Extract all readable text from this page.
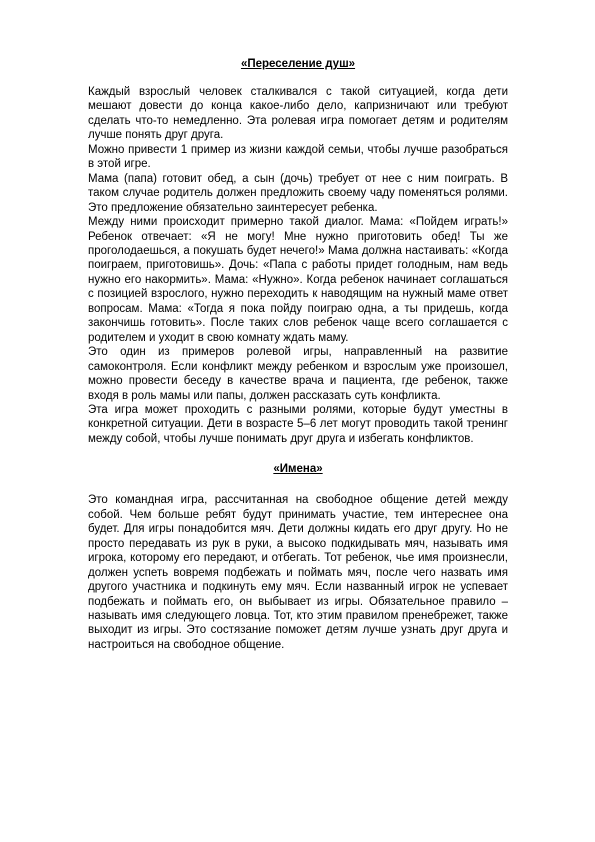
«Переселение душ»

Каждый взрослый человек сталкивался с такой ситуацией, когда дети мешают довести до конца какое-либо дело, капризничают или требуют сделать что-то немедленно. Эта ролевая игра помогает детям и родителям лучше понять друг друга.

Можно привести 1 пример из жизни каждой семьи, чтобы лучше разобраться в этой игре.

Мама (папа) готовит обед, а сын (дочь) требует от нее с ним поиграть. В таком случае родитель должен предложить своему чаду поменяться ролями. Это предложение обязательно заинтересует ребенка.

Между ними происходит примерно такой диалог. Мама: «Пойдем играть!» Ребенок отвечает: «Я не могу! Мне нужно приготовить обед! Ты же проголодаешься, а покушать будет нечего!» Мама должна настаивать: «Когда поиграем, приготовишь». Дочь: «Папа с работы придет голодным, нам ведь нужно его накормить». Мама: «Нужно». Когда ребенок начинает соглашаться с позицией взрослого, нужно переходить к наводящим на нужный маме ответ вопросам. Мама: «Тогда я пока пойду поиграю одна, а ты придешь, когда закончишь готовить». После таких слов ребенок чаще всего соглашается с родителем и уходит в свою комнату ждать маму.

Это один из примеров ролевой игры, направленный на развитие самоконтроля. Если конфликт между ребенком и взрослым уже произошел, можно провести беседу в качестве врача и пациента, где ребенок, также входя в роль мамы или папы, должен рассказать суть конфликта.

Эта игра может проходить с разными ролями, которые будут уместны в конкретной ситуации. Дети в возрасте 5–6 лет могут проводить такой тренинг между собой, чтобы лучше понимать друг друга и избегать конфликтов.

«Имена»

Это командная игра, рассчитанная на свободное общение детей между собой. Чем больше ребят будут принимать участие, тем интереснее она будет. Для игры понадобится мяч. Дети должны кидать его друг другу. Но не просто передавать из рук в руки, а высоко подкидывать мяч, называть имя игрока, которому его передают, и отбегать. Тот ребенок, чье имя произнесли, должен успеть вовремя подбежать и поймать мяч, после чего назвать имя другого участника и подкинуть ему мяч. Если названный игрок не успевает подбежать и поймать его, он выбывает из игры. Обязательное правило – называть имя следующего ловца. Тот, кто этим правилом пренебрежет, также выходит из игры. Это состязание поможет детям лучше узнать друг друга и настроиться на свободное общение.
